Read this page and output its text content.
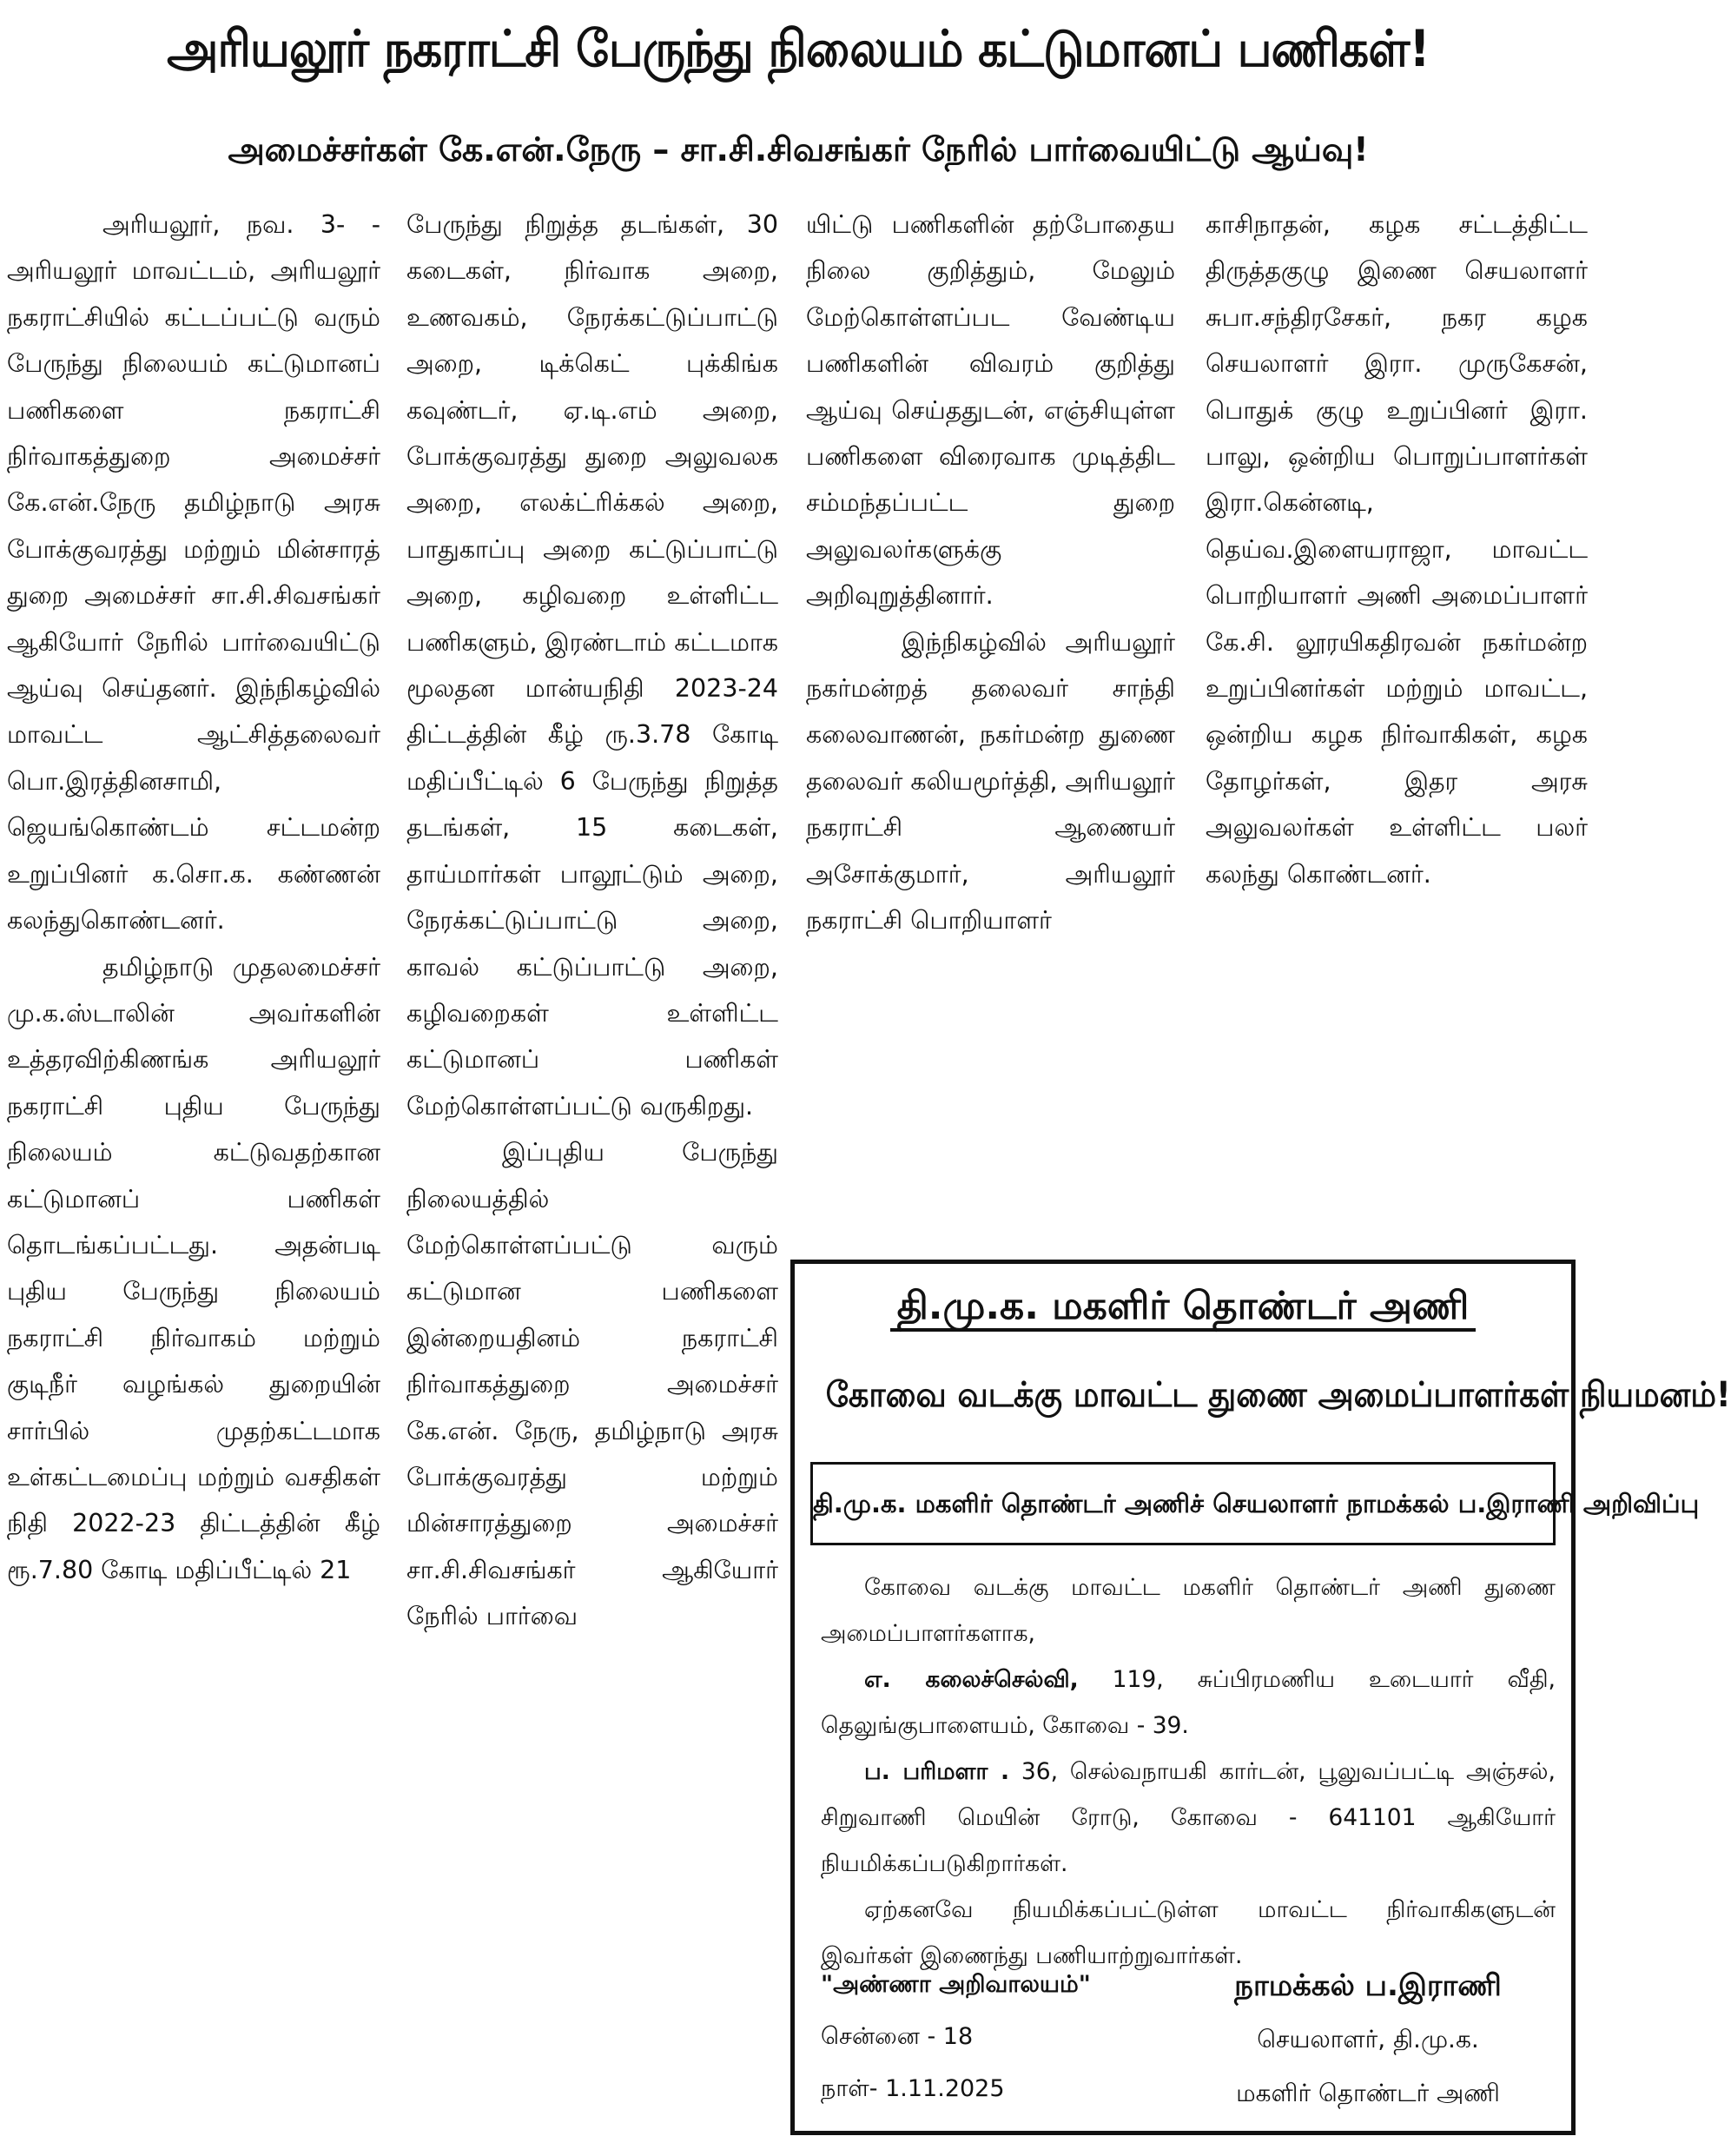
அரியலூர் நகராட்சி பேருந்து நிலையம் கட்டுமானப் பணிகள்!
அமைச்சர்கள் கே.என்.நேரு – சா.சி.சிவசங்கர் நேரில் பார்வையிட்டு ஆய்வு!

அரியலூர், நவ. 3- - அரியலூர் மாவட்டம், அரியலூர் நகராட்சியில் கட்டப்பட்டு வரும் பேருந்து நிலையம் கட்டுமானப் பணிகளை நகராட்சி நிர்வாகத்துறை அமைச்சர் கே.என்.நேரு தமிழ்நாடு அரசு போக்குவரத்து மற்றும் மின்சாரத் துறை அமைச்சர் சா.சி.சிவசங்கர் ஆகியோர் நேரில் பார்வையிட்டு ஆய்வு செய்தனர். இந்நிகழ்வில் மாவட்ட ஆட்சித்தலைவர் பொ.இரத்தினசாமி, ஜெயங்கொண்டம் சட்டமன்ற உறுப்பினர் க.சொ.க. கண்ணன் கலந்துகொண்டனர்.

தமிழ்நாடு முதலமைச்சர் மு.க.ஸ்டாலின் அவர்களின் உத்தரவிற்கிணங்க அரியலூர் நகராட்சி புதிய பேருந்து நிலையம் கட்டுவதற்கான கட்டுமானப் பணிகள் தொடங்கப்பட்டது. அதன்படி புதிய பேருந்து நிலையம் நகராட்சி நிர்வாகம் மற்றும் குடிநீர் வழங்கல் துறையின் சார்பில் முதற்கட்டமாக உள்கட்டமைப்பு மற்றும் வசதிகள் நிதி 2022-23 திட்டத்தின் கீழ் ரூ.7.80 கோடி மதிப்பீட்டில் 21

பேருந்து நிறுத்த தடங்கள், 30 கடைகள், நிர்வாக அறை, உணவகம், நேரக்கட்டுப்பாட்டு அறை, டிக்கெட் புக்கிங்க கவுண்டர், ஏ.டி.எம் அறை, போக்குவரத்து துறை அலுவலக அறை, எலக்ட்ரிக்கல் அறை, பாதுகாப்பு அறை கட்டுப்பாட்டு அறை, கழிவறை உள்ளிட்ட பணிகளும், இரண்டாம் கட்டமாக மூலதன மான்யநிதி 2023-24 திட்டத்தின் கீழ் ரு.3.78 கோடி மதிப்பீட்டில் 6 பேருந்து நிறுத்த தடங்கள், 15 கடைகள், தாய்மார்கள் பாலூட்டும் அறை, நேரக்கட்டுப்பாட்டு அறை, காவல் கட்டுப்பாட்டு அறை, கழிவறைகள் உள்ளிட்ட கட்டுமானப் பணிகள் மேற்கொள்ளப்பட்டு வருகிறது.

இப்புதிய பேருந்து நிலையத்தில் மேற்கொள்ளப்பட்டு வரும் கட்டுமான பணிகளை இன்றையதினம் நகராட்சி நிர்வாகத்துறை அமைச்சர் கே.என். நேரு, தமிழ்நாடு அரசு போக்குவரத்து மற்றும் மின்சாரத்துறை அமைச்சர் சா.சி.சிவசங்கர் ஆகியோர் நேரில் பார்வை

யிட்டு பணிகளின் தற்போதைய நிலை குறித்தும், மேலும் மேற்கொள்ளப்பட வேண்டிய பணிகளின் விவரம் குறித்து ஆய்வு செய்ததுடன், எஞ்சியுள்ள பணிகளை விரைவாக முடித்திட சம்மந்தப்பட்ட துறை அலுவலர்களுக்கு அறிவுறுத்தினார்.

இந்நிகழ்வில் அரியலூர் நகர்மன்றத் தலைவர் சாந்தி கலைவாணன், நகர்மன்ற துணை தலைவர் கலியமூர்த்தி, அரியலூர் நகராட்சி ஆணையர் அசோக்குமார், அரியலூர் நகராட்சி பொறியாளர்

காசிநாதன், கழக சட்டத்திட்ட திருத்தகுழு இணை செயலாளர் சுபா.சந்திரசேகர், நகர கழக செயலாளர் இரா. முருகேசன், பொதுக் குழு உறுப்பினர் இரா. பாலு, ஒன்றிய பொறுப்பாளர்கள் இரா.கென்னடி, தெய்வ.இளையராஜா, மாவட்ட பொறியாளர் அணி அமைப்பாளர் கே.சி. லூரயிகதிரவன் நகர்மன்ற உறுப்பினர்கள் மற்றும் மாவட்ட, ஒன்றிய கழக நிர்வாகிகள், கழக தோழர்கள், இதர அரசு அலுவலர்கள் உள்ளிட்ட பலர் கலந்து கொண்டனர்.

தி.மு.க. மகளிர் தொண்டர் அணி
கோவை வடக்கு மாவட்ட துணை அமைப்பாளர்கள் நியமனம்!
தி.மு.க. மகளிர் தொண்டர் அணிச் செயலாளர் நாமக்கல் ப.இராணி அறிவிப்பு

கோவை வடக்கு மாவட்ட மகளிர் தொண்டர் அணி துணை அமைப்பாளர்களாக,

எ. கலைச்செல்வி, 119, சுப்பிரமணிய உடையார் வீதி, தெலுங்குபாளையம், கோவை - 39.

ப. பரிமளா . 36, செல்வநாயகி கார்டன், பூலுவப்பட்டி அஞ்சல், சிறுவாணி மெயின் ரோடு, கோவை - 641101 ஆகியோர் நியமிக்கப்படுகிறார்கள்.

ஏற்கனவே நியமிக்கப்பட்டுள்ள மாவட்ட நிர்வாகிகளுடன் இவர்கள் இணைந்து பணியாற்றுவார்கள்.

"அண்ணா அறிவாலயம்"
சென்னை - 18
நாள்- 1.11.2025
நாமக்கல் ப.இராணி
செயலாளர், தி.மு.க.
மகளிர் தொண்டர் அணி
